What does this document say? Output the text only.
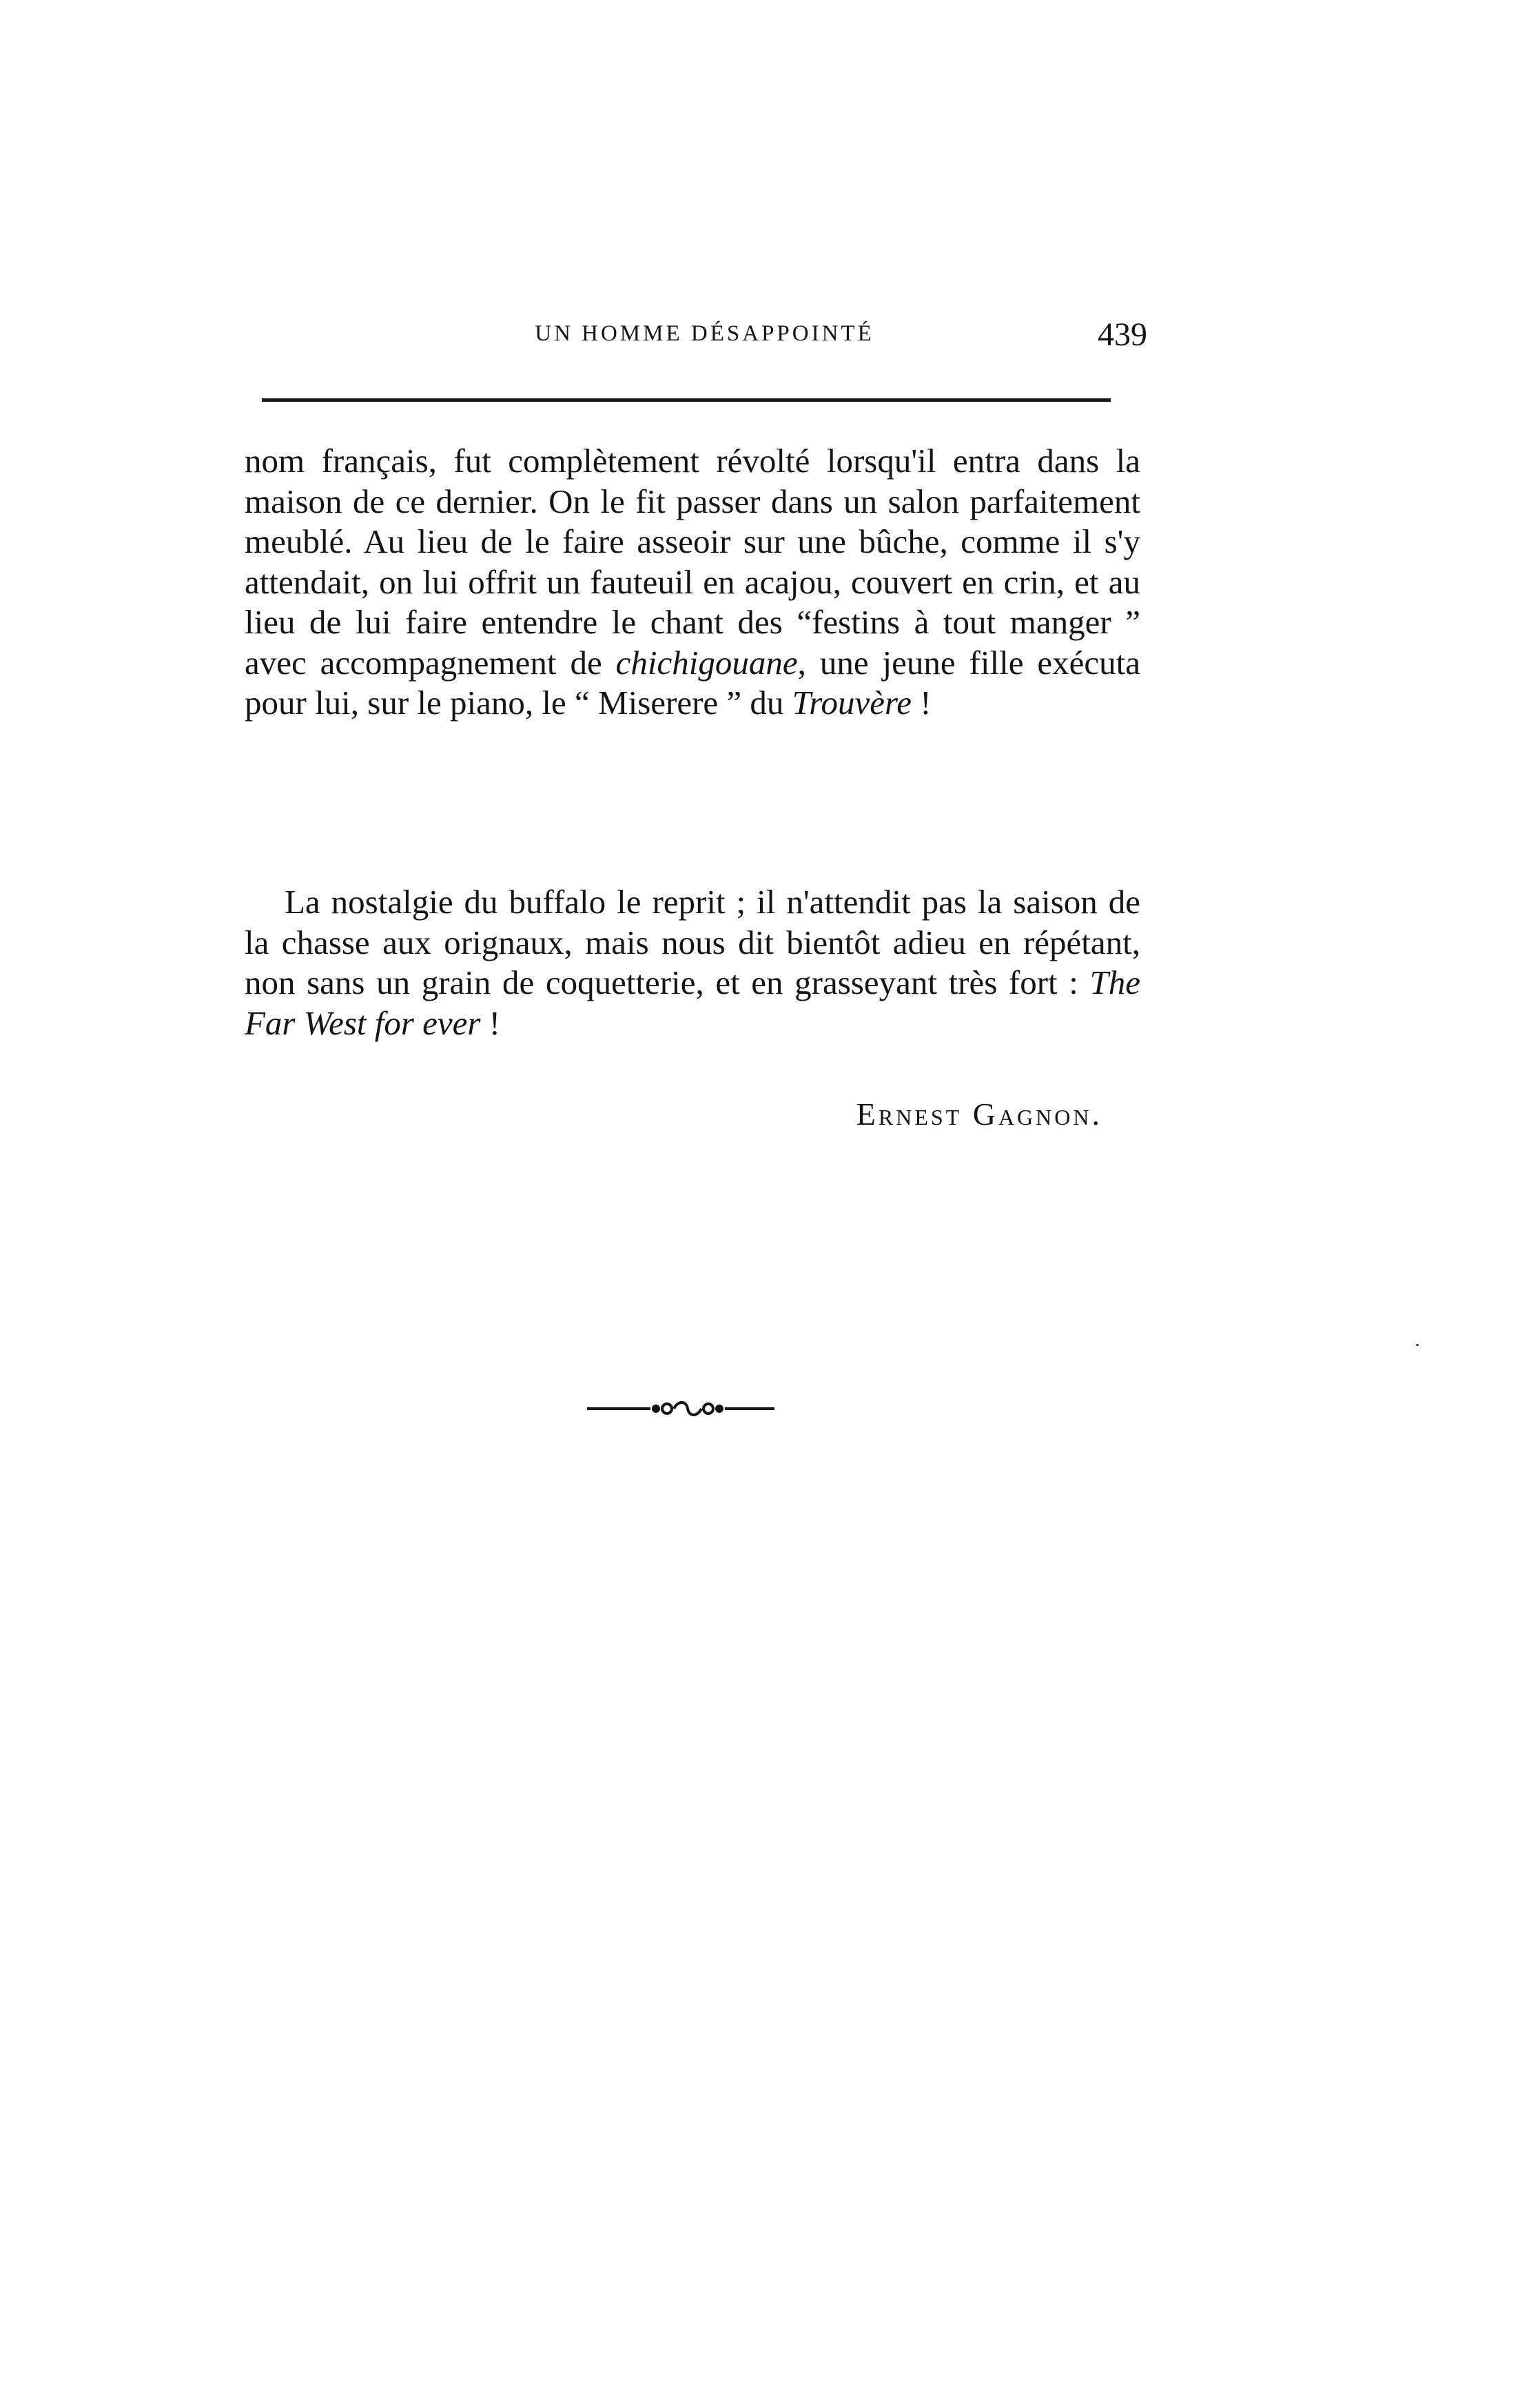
UN HOMME DÉSAPPOINTÉ	439

nom français, fut complètement révolté lorsqu'il entra dans la maison de ce dernier. On le fit passer dans un salon parfaitement meublé. Au lieu de le faire asseoir sur une bûche, comme il s'y attendait, on lui offrit un fauteuil en acajou, couvert en crin, et au lieu de lui faire entendre le chant des “festins à tout manger ” avec accompagnement de chichigouane, une jeune fille exécuta pour lui, sur le piano, le “ Miserere ” du Trouvère !

La nostalgie du buffalo le reprit ; il n'attendit pas la saison de la chasse aux orignaux, mais nous dit bientôt adieu en répétant, non sans un grain de coquetterie, et en grasseyant très fort : The Far West for ever !

Ernest Gagnon.
